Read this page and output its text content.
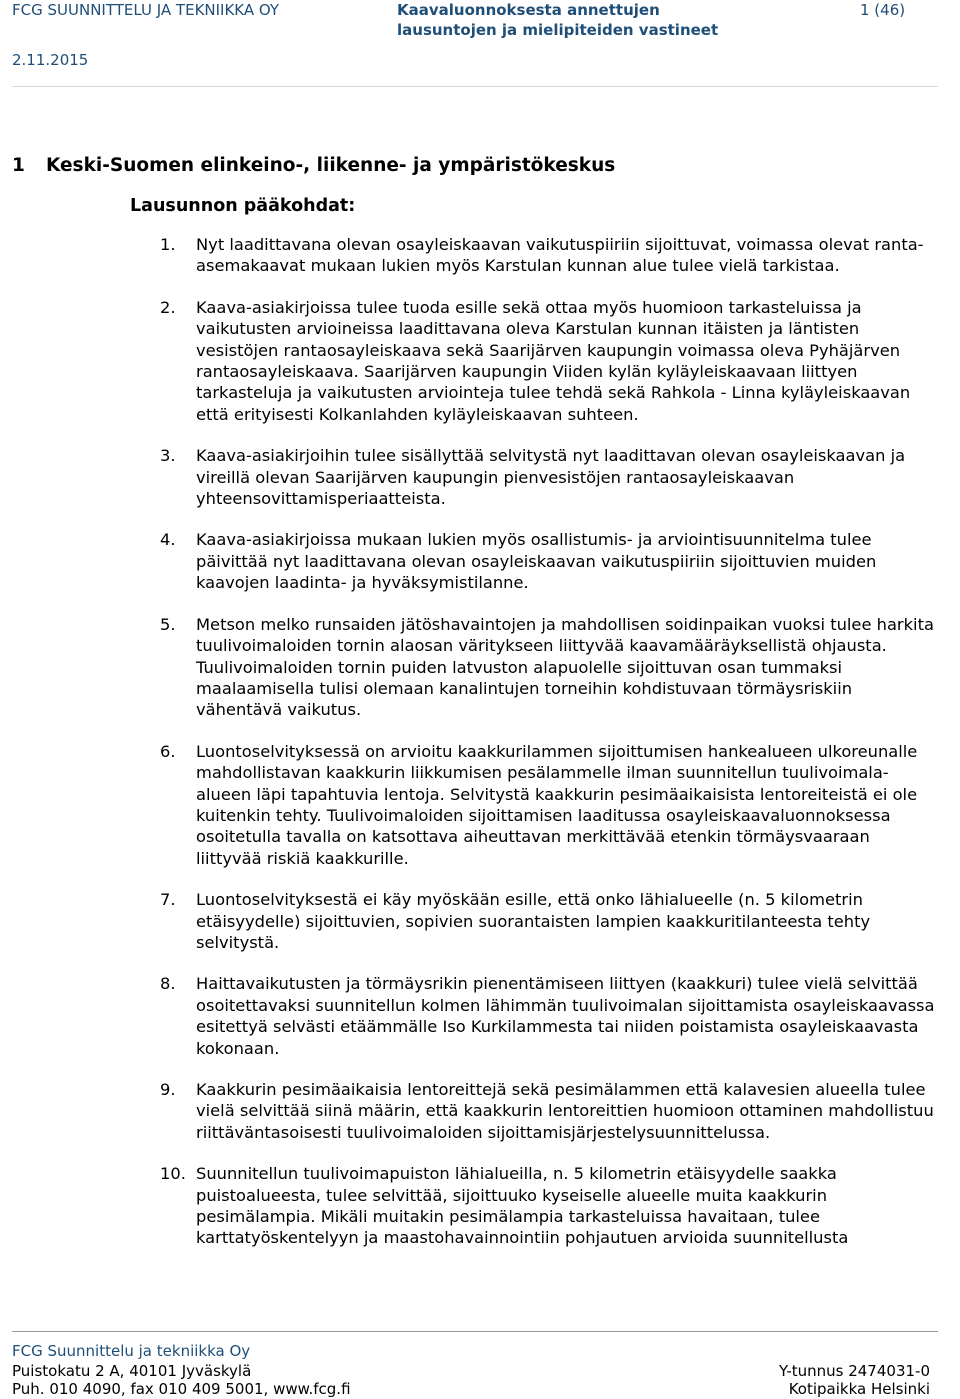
FCG SUUNNITTELU JA TEKNIIKKA OY	Kaavaluonnoksesta annettujen lausuntojen ja mielipiteiden vastineet
1 (46)
2.11.2015
1 Keski-Suomen elinkeino-, liikenne- ja ympäristökeskus
Lausunnon pääkohdat:
1.	Nyt laadittavana olevan osayleiskaavan vaikutuspiiriin sijoittuvat, voimassa olevat ranta-asemakaavat mukaan lukien myös Karstulan kunnan alue tulee vielä tarkistaa.
2.	Kaava-asiakirjoissa tulee tuoda esille sekä ottaa myös huomioon tarkasteluissa ja vaikutusten arvioineissa laadittavana oleva Karstulan kunnan itäisten ja läntisten vesistöjen rantaosayleiskaava sekä Saarijärven kaupungin voimassa oleva Pyhäjärven rantaosayleiskaava. Saarijärven kaupungin Viiden kylän kyläyleiskaavaan liittyen tarkasteluja ja vaikutusten arviointeja tulee tehdä sekä Rahkola - Linna kyläyleiskaavan että erityisesti Kolkanlahden kyläyleiskaavan suhteen.
3.	Kaava-asiakirjoihin tulee sisällyttää selvitystä nyt laadittavan olevan osayleiskaavan ja vireillä olevan Saarijärven kaupungin pienvesistöjen rantaosayleiskaavan yhteensovittamisperiaatteista.
4.	Kaava-asiakirjoissa mukaan lukien myös osallistumis- ja arviointisuunnitelma tulee päivittää nyt laadittavana olevan osayleiskaavan vaikutuspiiriin sijoittuvien muiden kaavojen laadinta- ja hyväksymistilanne.
5.	Metson melko runsaiden jätöshavaintojen ja mahdollisen soidinpaikan vuoksi tulee harkita tuulivoimaloiden tornin alaosan väritykseen liittyvää kaavamääräyksellistä ohjausta. Tuulivoimaloiden tornin puiden latvuston alapuolelle sijoittuvan osan tummaksi maalaamisella tulisi olemaan kanalintujen torneihin kohdistuvaan törmäysriskiin vähentävä vaikutus.
6.	Luontoselvityksessä on arvioitu kaakkurilammen sijoittumisen hankealueen ulkoreunalle mahdollistavan kaakkurin liikkumisen pesälammelle ilman suunnitellun tuulivoimala-alueen läpi tapahtuvia lentoja. Selvitystä kaakkurin pesimäaikaisista lentoreiteistä ei ole kuitenkin tehty. Tuulivoimaloiden sijoittamisen laaditussa osayleiskaavaluonnoksessa osoitetulla tavalla on katsottava aiheuttavan merkittävää etenkin törmäysvaaraan liittyvää riskiä kaakkurille.
7.	Luontoselvityksestä ei käy myöskään esille, että onko lähialueelle (n. 5 kilometrin etäisyydelle) sijoittuvien, sopivien suorantaisten lampien kaakkuritilanteesta tehty selvitystä.
8.	Haittavaikutusten ja törmäysrikin pienentämiseen liittyen (kaakkuri) tulee vielä selvittää osoitettavaksi suunnitellun kolmen lähimmän tuulivoimalan sijoittamista osayleiskaavassa esitettyä selvästi etäämmälle Iso Kurkilammesta tai niiden poistamista osayleiskaavasta kokonaan.
9.	Kaakkurin pesimäaikaisia lentoreittejä sekä pesimälammen että kalavesien alueella tulee vielä selvittää siinä määrin, että kaakkurin lentoreittien huomioon ottaminen mahdollistuu riittäväntasoisesti tuulivoimaloiden sijoittamisjärjestelysuunnittelussa.
10. Suunnitellun tuulivoimapuiston lähialueilla, n. 5 kilometrin etäisyydelle saakka puistoalueesta, tulee selvittää, sijoittuuko kyseiselle alueelle muita kaakkurin pesimälampia. Mikäli muitakin pesimälampia tarkasteluissa havaitaan, tulee karttatyöskentelyyn ja maastohavainnointiin pohjautuen arvioida suunnitellusta
FCG Suunnittelu ja tekniikka Oy
Puistokatu 2 A, 40101 Jyväskylä
Puh. 010 4090, fax 010 409 5001, www.fcg.fi
Y-tunnus 2474031-0
Kotipaikka Helsinki
